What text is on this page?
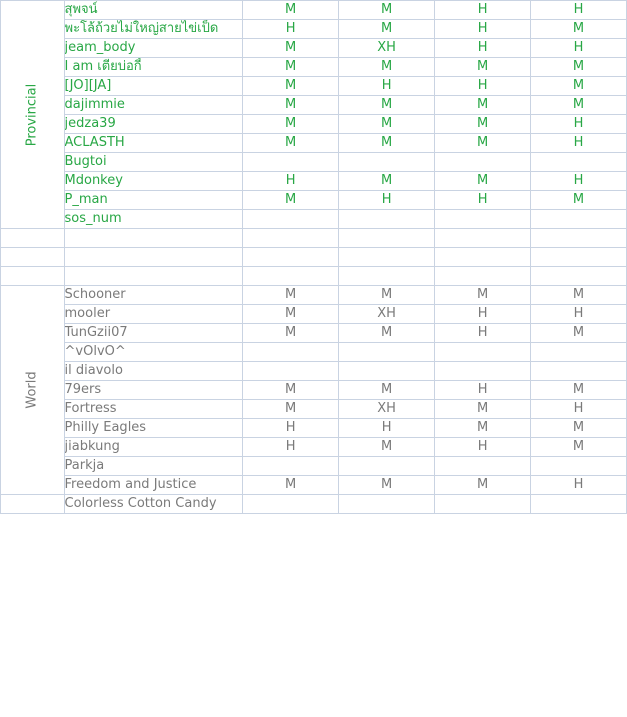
Provincial	สุพจน์	M	M	H	H
	พะโล้ถ้วยไม่ใหญ่สายไข่เป็ด	H	M	H	M
	jeam_body	M	XH	H	H
	I am เตียบ่อกี้	M	M	M	M
	[JO][JA]	M	H	H	M
	dajimmie	M	M	M	M
	jedza39	M	M	M	H
	ACLASTH	M	M	M	H
	Bugtoi				
	Mdonkey	H	M	M	H
	P_man	M	H	H	M
	sos_num				

World	Schooner	M	M	M	M
	mooler	M	XH	H	H
	TunGzii07	M	M	H	M
	^vOlvO^				
	il diavolo				
	79ers	M	M	H	M
	Fortress	M	XH	M	H
	Philly Eagles	H	H	M	M
	jiabkung	H	M	H	M
	Parkja				
	Freedom and Justice	M	M	M	H
	Colorless Cotton Candy				
